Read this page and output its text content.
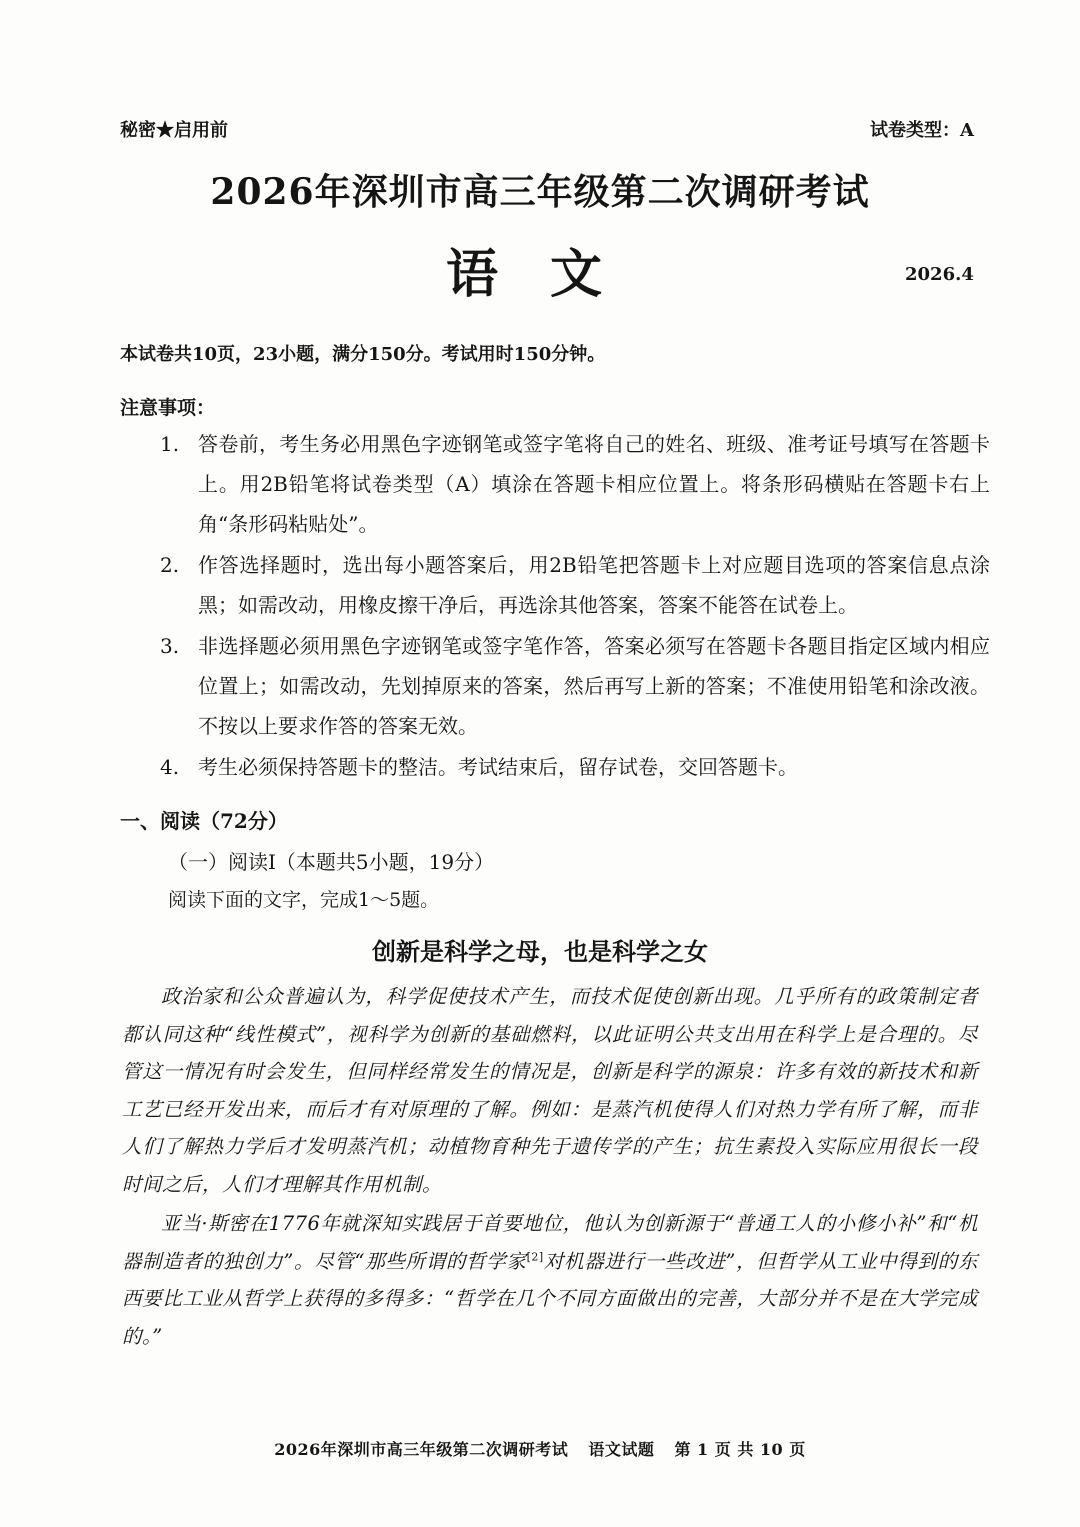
秘密★启用前	试卷类型：A
2026年深圳市高三年级第二次调研考试
语文	2026.4
本试卷共10页，23小题，满分150分。考试用时150分钟。
注意事项：
1. 答卷前，考生务必用黑色字迹钢笔或签字笔将自己的姓名、班级、准考证号填写在答题卡上。用2B铅笔将试卷类型（A）填涂在答题卡相应位置上。将条形码横贴在答题卡右上角“条形码粘贴处”。
2. 作答选择题时，选出每小题答案后，用2B铅笔把答题卡上对应题目选项的答案信息点涂黑；如需改动，用橡皮擦干净后，再选涂其他答案，答案不能答在试卷上。
3. 非选择题必须用黑色字迹钢笔或签字笔作答，答案必须写在答题卡各题目指定区域内相应位置上；如需改动，先划掉原来的答案，然后再写上新的答案；不准使用铅笔和涂改液。不按以上要求作答的答案无效。
4. 考生必须保持答题卡的整洁。考试结束后，留存试卷，交回答题卡。
一、阅读（72分）
（一）阅读Ⅰ（本题共5小题，19分）
阅读下面的文字，完成1～5题。
创新是科学之母，也是科学之女

政治家和公众普遍认为，科学促使技术产生，而技术促使创新出现。几乎所有的政策制定者都认同这种“线性模式”，视科学为创新的基础燃料，以此证明公共支出用在科学上是合理的。尽管这一情况有时会发生，但同样经常发生的情况是，创新是科学的源泉：许多有效的新技术和新工艺已经开发出来，而后才有对原理的了解。例如：是蒸汽机使得人们对热力学有所了解，而非人们了解热力学后才发明蒸汽机；动植物育种先于遗传学的产生；抗生素投入实际应用很长一段时间之后，人们才理解其作用机制。

亚当·斯密在1776年就深知实践居于首要地位，他认为创新源于“普通工人的小修小补”和“机器制造者的独创力”。尽管“那些所谓的哲学家[2]对机器进行一些改进”，但哲学从工业中得到的东西要比工业从哲学上获得的多得多：“哲学在几个不同方面做出的完善，大部分并不是在大学完成的。”

2026年深圳市高三年级第二次调研考试 语文试题 第 1 页 共 10 页
